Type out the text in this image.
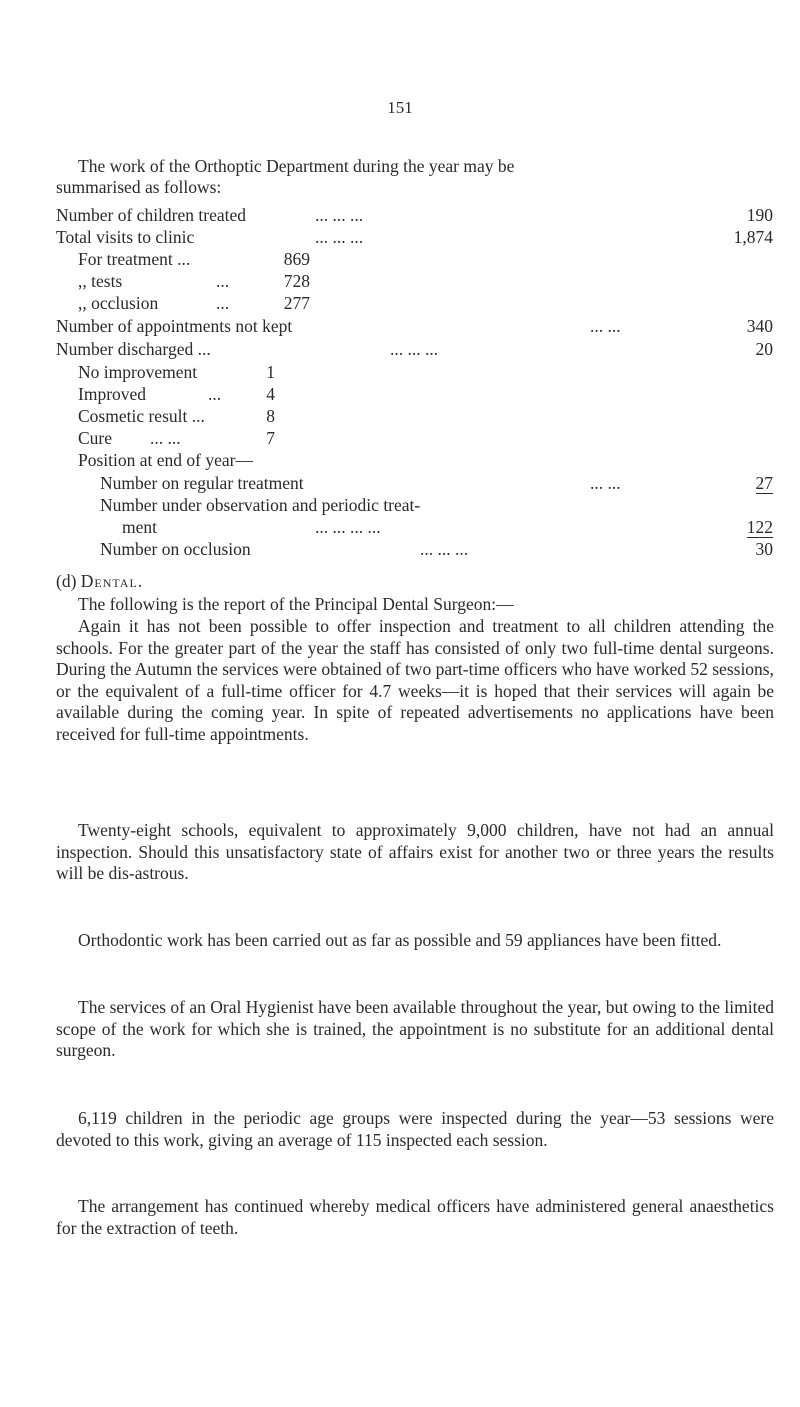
151
The work of the Orthoptic Department during the year may be
summarised as follows:
Number of children treated	... ... ...	190
Total visits to clinic	... ... ...	1,874
For treatment ...	869
,, tests	...	728
,, occlusion	...	277
Number of appointments not kept	... ...	340
Number discharged ...	... ... ...	20
No improvement	1
Improved	...	4
Cosmetic result ...	8
Cure ... ...	7
Position at end of year—
Number on regular treatment	... ...	27
Number under observation and periodic treat-
ment	... ... ... ...	122
Number on occlusion	... ... ...	30
(d) Dental.
The following is the report of the Principal Dental Surgeon:—

Again it has not been possible to offer inspection and treatment to all children attending the schools. For the greater part of the year the staff has consisted of only two full-time dental surgeons. During the Autumn the services were obtained of two part-time officers who have worked 52 sessions, or the equivalent of a full-time officer for 4.7 weeks—it is hoped that their services will again be available during the coming year. In spite of repeated advertisements no applications have been received for full-time appointments.

Twenty-eight schools, equivalent to approximately 9,000 children, have not had an annual inspection. Should this unsatisfactory state of affairs exist for another two or three years the results will be dis-astrous.

Orthodontic work has been carried out as far as possible and 59 appliances have been fitted.

The services of an Oral Hygienist have been available throughout the year, but owing to the limited scope of the work for which she is trained, the appointment is no substitute for an additional dental surgeon.

6,119 children in the periodic age groups were inspected during the year—53 sessions were devoted to this work, giving an average of 115 inspected each session.

The arrangement has continued whereby medical officers have administered general anaesthetics for the extraction of teeth.
